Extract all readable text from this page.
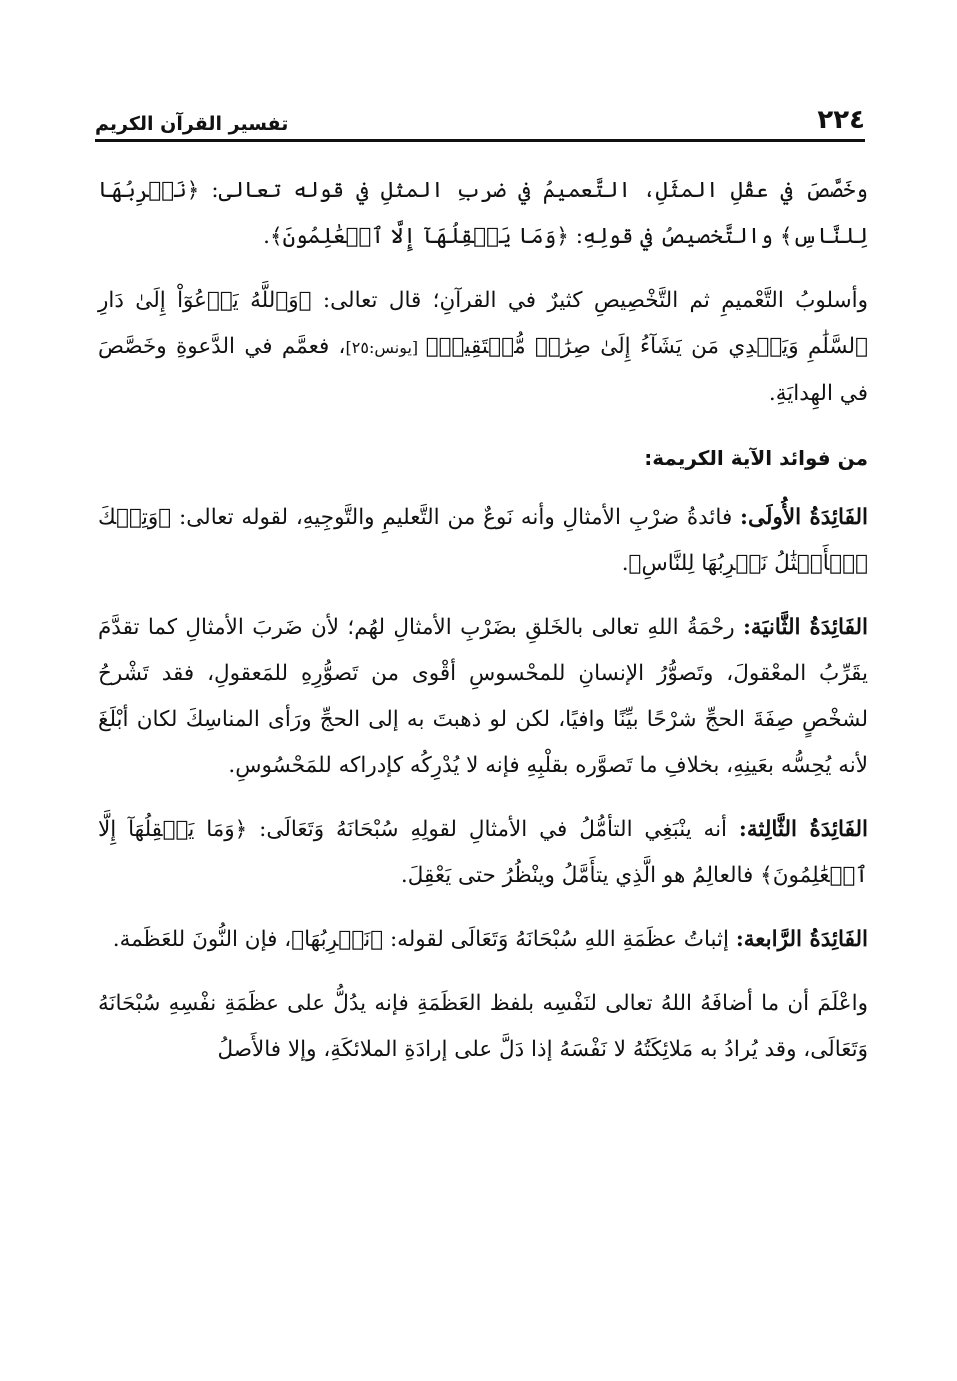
٢٢٤
تفسير القرآن الكريم

وخَصَّصَ في عقْلِ المثَلِ، التَّعميمُ في ضربِ المثلِ في قوله تعالى: ﴿نَضۡرِبُهَا لِلنَّاسِ﴾ والتَّخصيصُ في قولِهِ: ﴿وَمَا يَعۡقِلُهَآ إِلَّا ٱلۡعَٰلِمُونَ﴾.

وأسلوبُ التَّعْميمِ ثم التَّخْصِيصِ كثيرٌ في القرآنِ؛ قال تعالى: ﴿وَٱللَّهُ يَدۡعُوٓاْ إِلَىٰ دَارِ ٱلسَّلَٰمِ وَيَهۡدِي مَن يَشَآءُ إِلَىٰ صِرَٰطٖ مُّسۡتَقِيمٖ﴾ [يونس:٢٥]، فعمَّم في الدَّعوةِ وخَصَّصَ في الهِدايَةِ.

من فوائد الآية الكريمة:

الفَائِدَةُ الأُولَى: فائدةُ ضرْبِ الأمثالِ وأنه نَوعٌ من التَّعليمِ والتَّوجِيهِ، لقوله تعالى: ﴿وَتِلۡكَ ٱلۡأَمۡثَٰلُ نَضۡرِبُهَا لِلنَّاسِ﴾.

الفَائِدَةُ الثَّانيَة: رحْمَةُ اللهِ تعالى بالخَلقِ بضَرْبِ الأمثالِ لهُم؛ لأن ضَربَ الأمثالِ كما تقدَّمَ يقَرِّبُ المعْقولَ، وتَصوُّرُ الإنسانِ للمحْسوسِ أقْوى من تَصوُّرِهِ للمَعقولِ، فقد تَشْرحُ لشخْصٍ صِفَةَ الحجِّ شرْحًا بيِّنًا وافيًا، لكن لو ذهبتَ به إلى الحجِّ ورَأى المناسِكَ لكان أبْلَغَ لأنه يُحِسُّه بعَينِهِ، بخلافِ ما تَصوَّره بقلْبِهِ فإنه لا يُدْرِكُه كإدراكه للمَحْسُوسِ.

الفَائِدَةُ الثَّالِثة: أنه ينْبَغِي التأمُّلُ في الأمثالِ لقولِهِ سُبْحَانَهُ وَتَعَالَى: ﴿وَمَا يَعۡقِلُهَآ إِلَّا ٱلۡعَٰلِمُونَ﴾ فالعالِمُ هو الَّذِي يتأَمَّلُ وينْظُرُ حتى يَعْقِلَ.

الفَائِدَةُ الرَّابعة: إثباتُ عظَمَةِ اللهِ سُبْحَانَهُ وَتَعَالَى لقوله: ﴿نَضۡرِبُهَا﴾، فإن النُّونَ للعَظَمة.

واعْلَمَ أن ما أضافَهُ اللهُ تعالى لنَفْسِه بلفظ العَظَمَةِ فإنه يدُلُّ على عظَمَةِ نفْسِهِ سُبْحَانَهُ وَتَعَالَى، وقد يُرادُ به مَلائِكَتُهُ لا نَفْسَهُ إذا دَلَّ على إرادَةِ الملائكَةِ، وإلا فالأَصلُ
